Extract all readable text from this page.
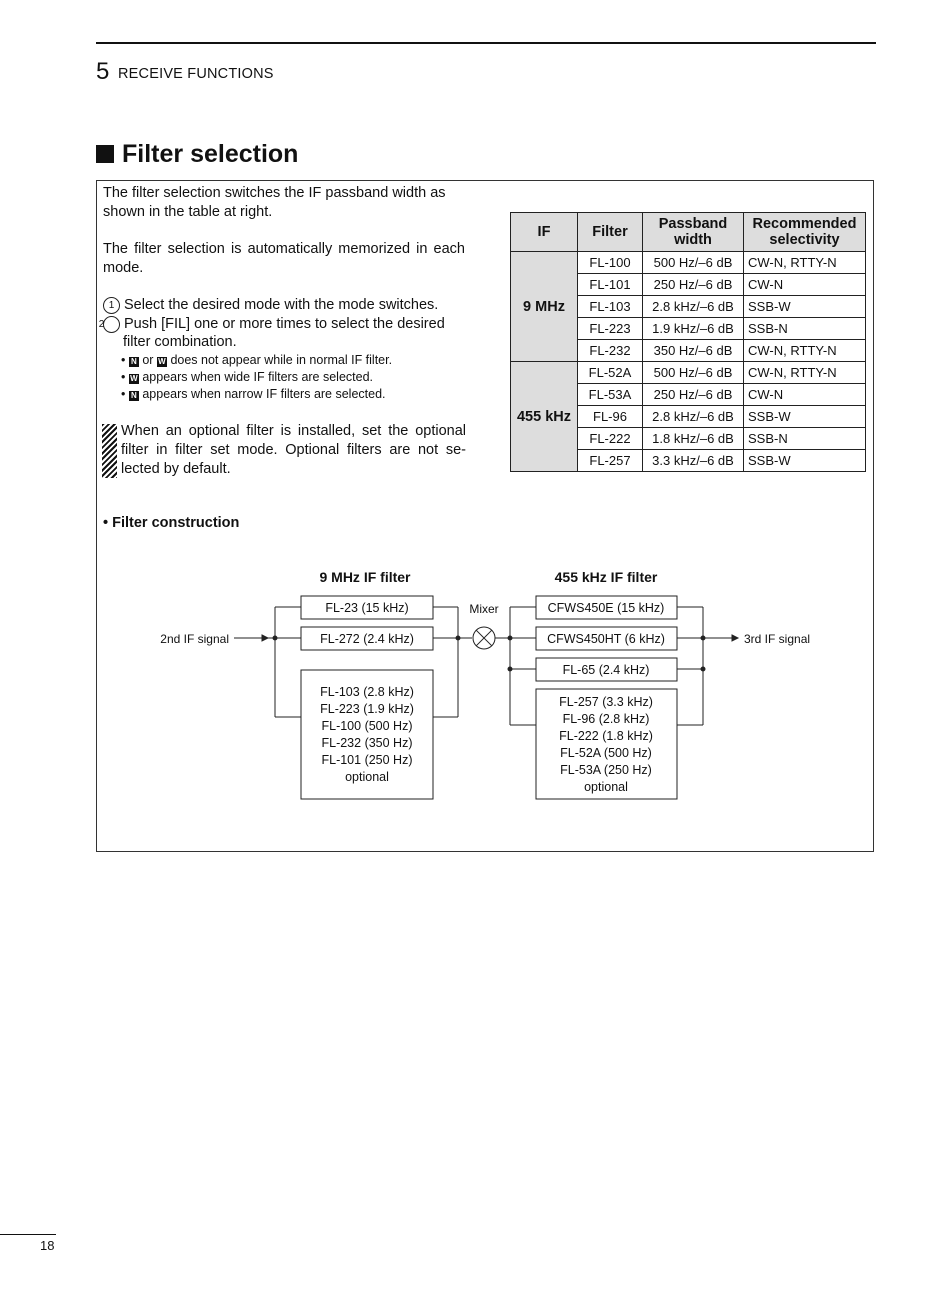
5 RECEIVE FUNCTIONS
Filter selection
The filter selection switches the IF passband width as shown in the table at right.
The filter selection is automatically memorized in each mode.
1 Select the desired mode with the mode switches.
2 Push [FIL] one or more times to select the desired filter combination.
• N or W does not appear while in normal IF filter.
• W appears when wide IF filters are selected.
• N appears when narrow IF filters are selected.
When an optional filter is installed, set the optional filter in filter set mode. Optional filters are not se-lected by default.
IF	Filter	Passband width	Recommended selectivity
9 MHz	FL-100	500 Hz/–6 dB	CW-N, RTTY-N
	FL-101	250 Hz/–6 dB	CW-N
	FL-103	2.8 kHz/–6 dB	SSB-W
	FL-223	1.9 kHz/–6 dB	SSB-N
	FL-232	350 Hz/–6 dB	CW-N, RTTY-N
455 kHz	FL-52A	500 Hz/–6 dB	CW-N, RTTY-N
	FL-53A	250 Hz/–6 dB	CW-N
	FL-96	2.8 kHz/–6 dB	SSB-W
	FL-222	1.8 kHz/–6 dB	SSB-N
	FL-257	3.3 kHz/–6 dB	SSB-W
• Filter construction
9 MHz IF filter	455 kHz IF filter
2nd IF signal
FL-23 (15 kHz)
FL-272 (2.4 kHz)
FL-103 (2.8 kHz)
FL-223 (1.9 kHz)
FL-100 (500 Hz)
FL-232 (350 Hz)
FL-101 (250 Hz)
optional
Mixer	CFWS450E (15 kHz)
CFWS450HT (6 kHz)
FL-65 (2.4 kHz)
FL-257 (3.3 kHz)
FL-96 (2.8 kHz)
FL-222 (1.8 kHz)
FL-52A (500 Hz)
FL-53A (250 Hz)
optional
3rd IF signal
18
